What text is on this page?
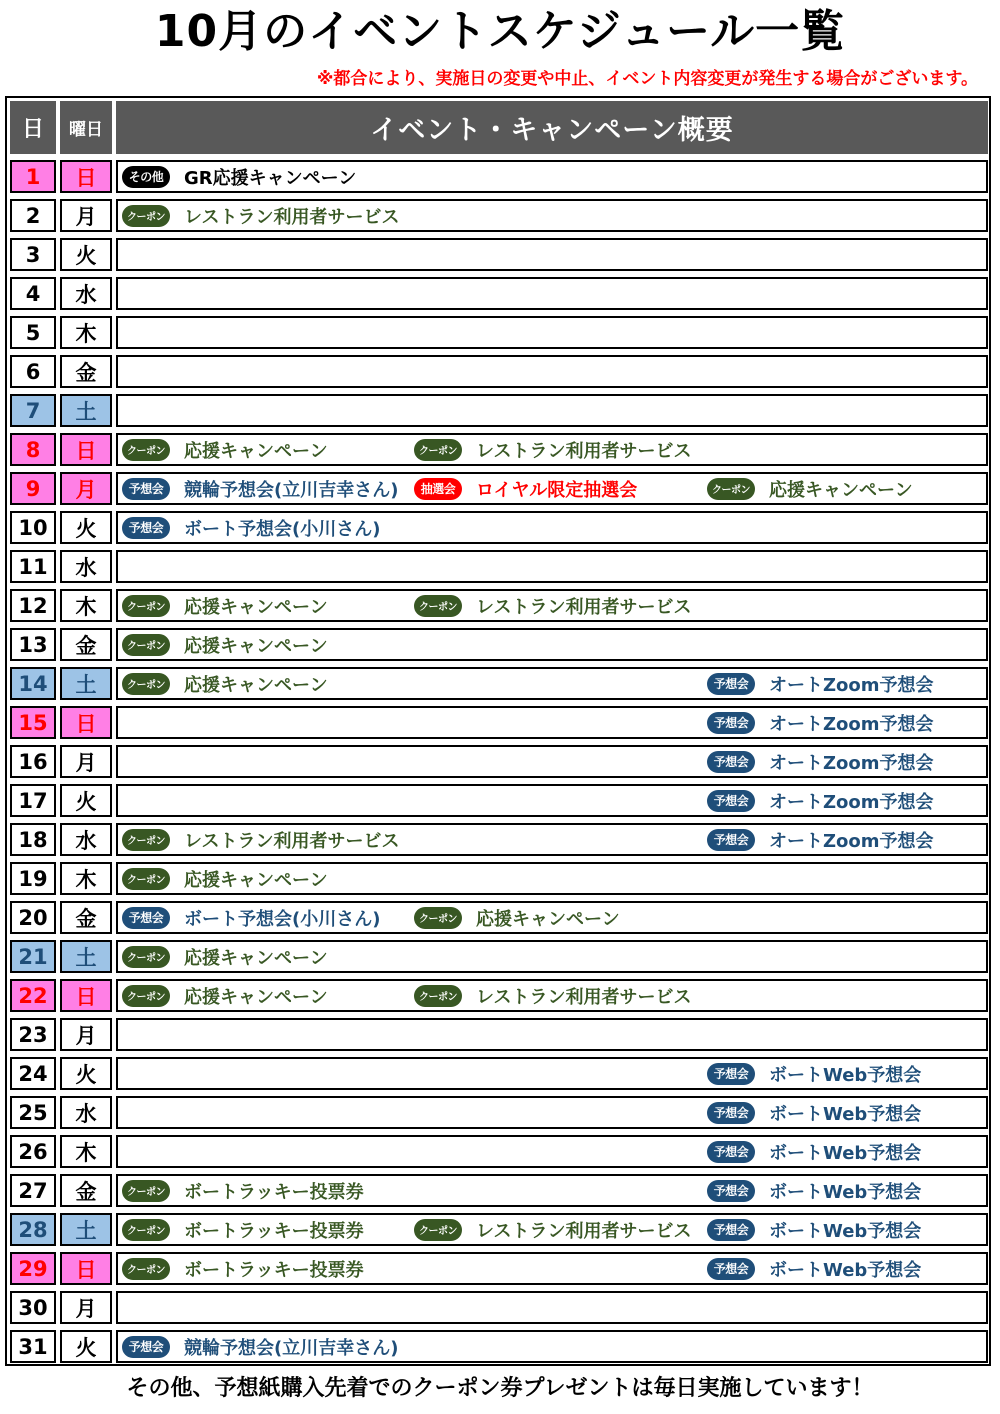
10月のイベントスケジュール一覧
※都合により、実施日の変更や中止、イベント内容変更が発生する場合がございます。
日	曜日	イベント・キャンペーン概要
1	日	その他	GR応援キャンペーン
2	月	クーポン レストラン利用者サービス
3	火
4	水
5	木
6	金
7	土
8	日	クーポン 応援キャンペーン	クーポン レストラン利用者サービス
9	月	予想会	競輪予想会(立川吉幸さん)	抽選会	ロイヤル限定抽選会	クーポン 応援キャンペーン
10	火	予想会	ボート予想会(小川さん)
11	水
12	木	クーポン 応援キャンペーン	クーポン レストラン利用者サービス
13	金	クーポン 応援キャンペーン
14	土	クーポン 応援キャンペーン	予想会	オートZoom予想会
15	日	予想会	オートZoom予想会
16	月	予想会	オートZoom予想会
17	火	予想会	オートZoom予想会
18	水	クーポン レストラン利用者サービス	予想会	オートZoom予想会
19	木	クーポン 応援キャンペーン
20	金	予想会	ボート予想会(小川さん)	クーポン 応援キャンペーン
21	土	クーポン 応援キャンペーン
22	日	クーポン 応援キャンペーン	クーポン レストラン利用者サービス
23	月
24	火	予想会	ボートWeb予想会
25	水	予想会	ボートWeb予想会
26	木	予想会	ボートWeb予想会
27	金	クーポン ボートラッキー投票券	予想会	ボートWeb予想会
28	土	クーポン ボートラッキー投票券	クーポン レストラン利用者サービス	予想会	ボートWeb予想会
29	日	クーポン ボートラッキー投票券	予想会	ボートWeb予想会
30	月
31	火	予想会	競輪予想会(立川吉幸さん)
その他、予想紙購入先着でのクーポン券プレゼントは毎日実施しています！
